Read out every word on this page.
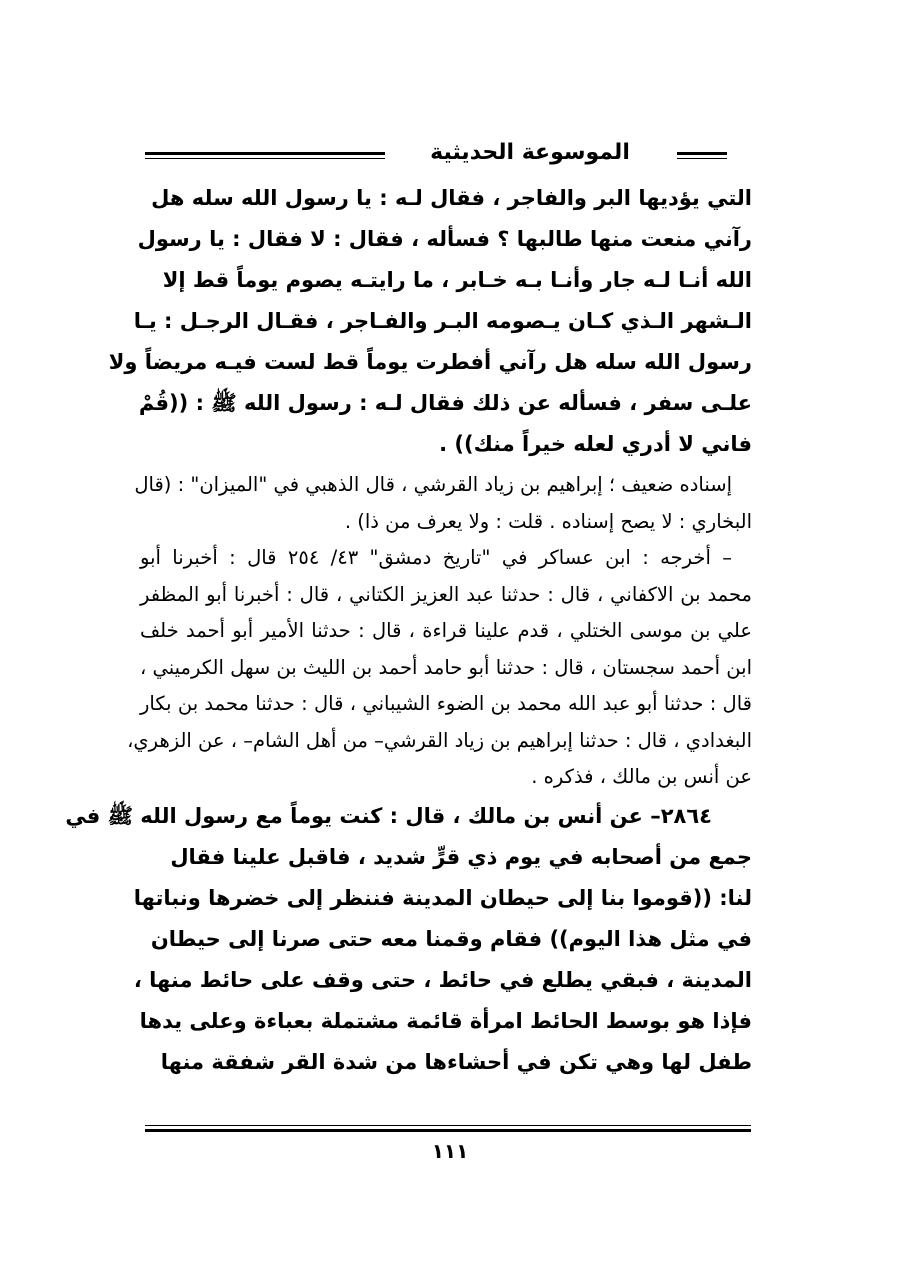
الموسوعة الحديثية
التي يؤديها البر والفاجر ، فقال لـه : يا رسول الله سله هل
رآني منعت منها طالبها ؟ فسأله ، فقال : لا فقال : يا رسول
الله أنـا لـه جار وأنـا بـه خـابر ، ما رايتـه يصوم يوماً قط إلا
الـشهر الـذي كـان يـصومه البـر والفـاجر ، فقـال الرجـل : يـا
رسول الله سله هل رآني أفطرت يوماً قط لست فيـه مريضاً ولا
علـى سفر ، فسأله عن ذلك فقال لـه : رسول الله ﷺ : ((قُمْ
فاني لا أدري لعله خيراً منك)) .
إسناده ضعيف ؛ إبراهيم بن زياد القرشي ، قال الذهبي في "الميزان" : (قال
البخاري : لا يصح إسناده . قلت : ولا يعرف من ذا) .
– أخرجه : ابن عساكر في "تاريخ دمشق" ٤٣/ ٢٥٤ قال : أخبرنا أبو
محمد بن الاكفاني ، قال : حدثنا عبد العزيز الكتاني ، قال : أخبرنا أبو المظفر
علي بن موسى الختلي ، قدم علينا قراءة ، قال : حدثنا الأمير أبو أحمد خلف
ابن أحمد سجستان ، قال : حدثنا أبو حامد أحمد بن الليث بن سهل الكرميني ،
قال : حدثنا أبو عبد الله محمد بن الضوء الشيباني ، قال : حدثنا محمد بن بكار
البغدادي ، قال : حدثنا إبراهيم بن زياد القرشي– من أهل الشام– ، عن الزهري،
عن أنس بن مالك ، فذكره .
٢٨٦٤– عن أنس بن مالك ، قال : كنت يوماً مع رسول الله ﷺ في
جمع من أصحابه في يوم ذي قرٍّ شديد ، فاقبل علينا فقال
لنا: ((قوموا بنا إلى حيطان المدينة فننظر إلى خضرها ونباتها
في مثل هذا اليوم)) فقام وقمنا معه حتى صرنا إلى حيطان
المدينة ، فبقي يطلع في حائط ، حتى وقف على حائط منها ،
فإذا هو بوسط الحائط امرأة قائمة مشتملة بعباءة وعلى يدها
طفل لها وهي تكن في أحشاءها من شدة القر شفقة منها
١١١
